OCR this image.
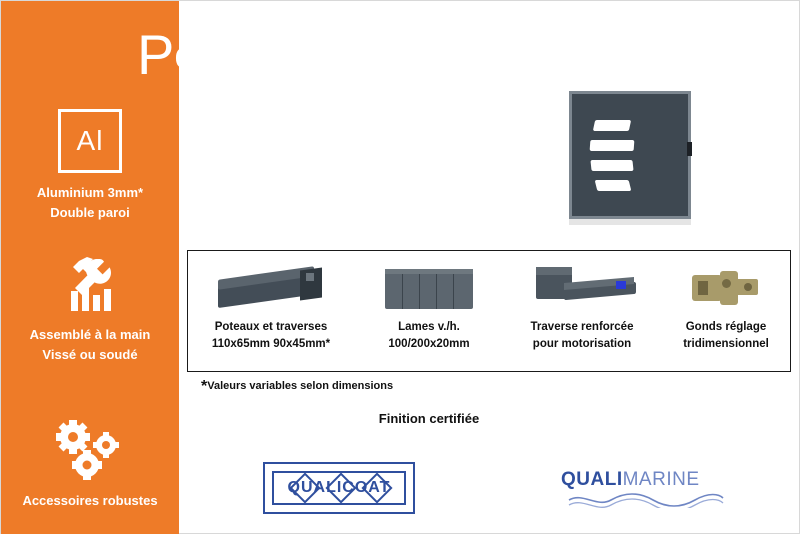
Al
Aluminium 3mm*
Double paroi
Assemblé à la main
Vissé ou soudé
Accessoires robustes
Portillon plein finition alu
Poteaux et traverses
110x65mm 90x45mm*
Lames v./h.
100/200x20mm
Traverse renforcée
pour motorisation
Gonds réglage
tridimensionnel
*Valeurs variables selon dimensions
Finition certifiée
QUALICOAT	QUALIMARINE
